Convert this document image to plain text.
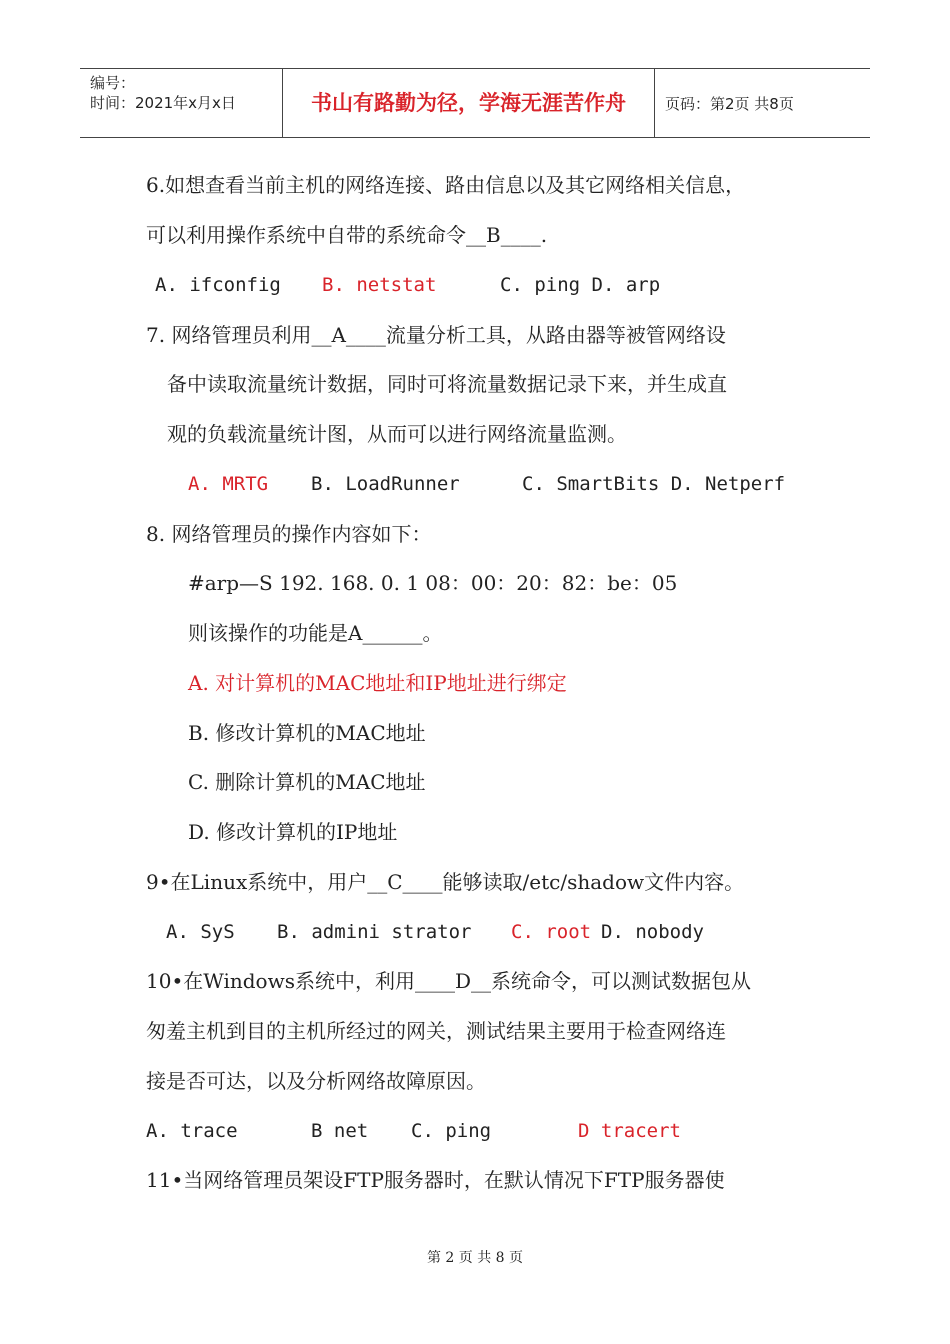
编号：
时间：2021年x月x日	书山有路勤为径，学海无涯苦作舟	页码：第2页 共8页
6.如想查看当前主机的网络连接、路由信息以及其它网络相关信息，
可以利用操作系统中自带的系统命令__B____.
A. ifconfig B. netstat	C. ping D. arp
7. 网络管理员利用__A____流量分析工具，从路由器等被管网络设
备中读取流量统计数据，同时可将流量数据记录下来，并生成直
观的负载流量统计图，从而可以进行网络流量监测。
A. MRTG B. LoadRunner	C. SmartBits D. Netperf
8. 网络管理员的操作内容如下：
#arp—S 192. 168. 0. 1 08：00：20：82：be：05
则该操作的功能是A______。
A. 对计算机的MAC地址和IP地址进行绑定
B. 修改计算机的MAC地址
C. 删除计算机的MAC地址
D. 修改计算机的IP地址
9•在Linux系统中，用户__C____能够读取/etc/shadow文件内容。
A. SyS B. admini strator C. root D. nobody
10•在Windows系统中，利用____D__系统命令，可以测试数据包从
匆羞主机到目的主机所经过的网关，测试结果主要用于检查网络连
接是否可达，以及分析网络故障原因。
A. trace	B net C. ping	D tracert
11•当网络管理员架设FTP服务器时，在默认情况下FTP服务器使
第 2 页 共 8 页
